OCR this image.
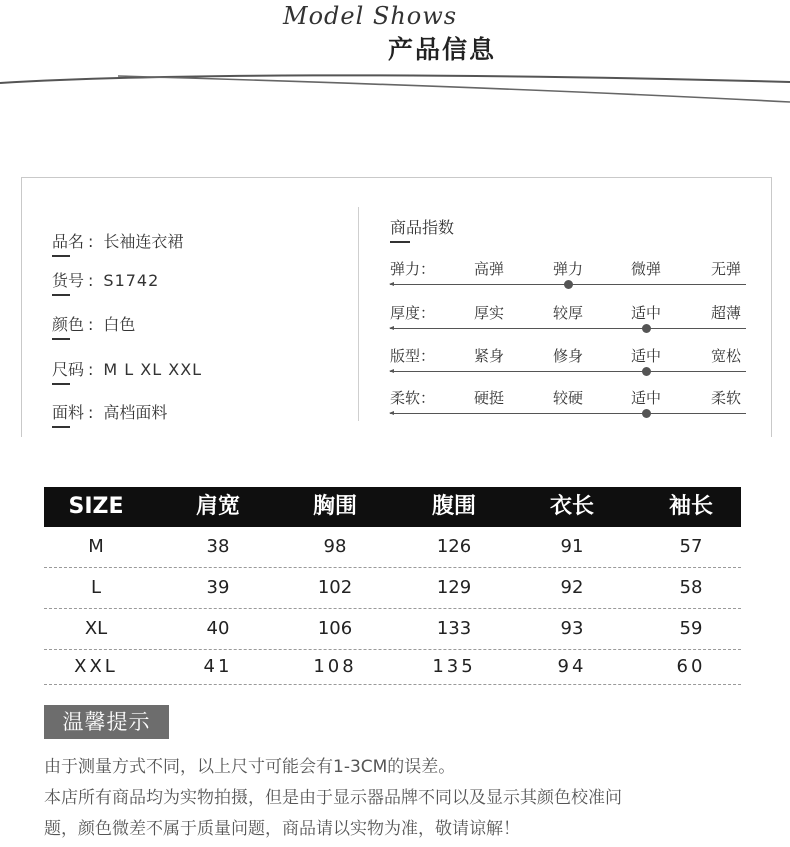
Model Shows
产品信息
品名 : 长袖连衣裙
货号 : S1742
颜色 : 白色
尺码 : M L XL XXL
面料 : 高档面料
商品指数
弹力：	高弹	弹力	微弹	无弹
厚度：	厚实	较厚	适中	超薄
版型：	紧身	修身	适中	宽松
柔软：	硬挺	较硬	适中	柔软
SIZE	肩宽	胸围	腹围	衣长	袖长
M	38	98	126	91	57
L	39	102	129	92	58
XL	40	106	133	93	59
XXL	41	108	135	94	60
温馨提示
由于测量方式不同，以上尺寸可能会有1-3CM的误差。
本店所有商品均为实物拍摄，但是由于显示器品牌不同以及显示其颜色校准问
题，颜色微差不属于质量问题，商品请以实物为准，敬请谅解！
